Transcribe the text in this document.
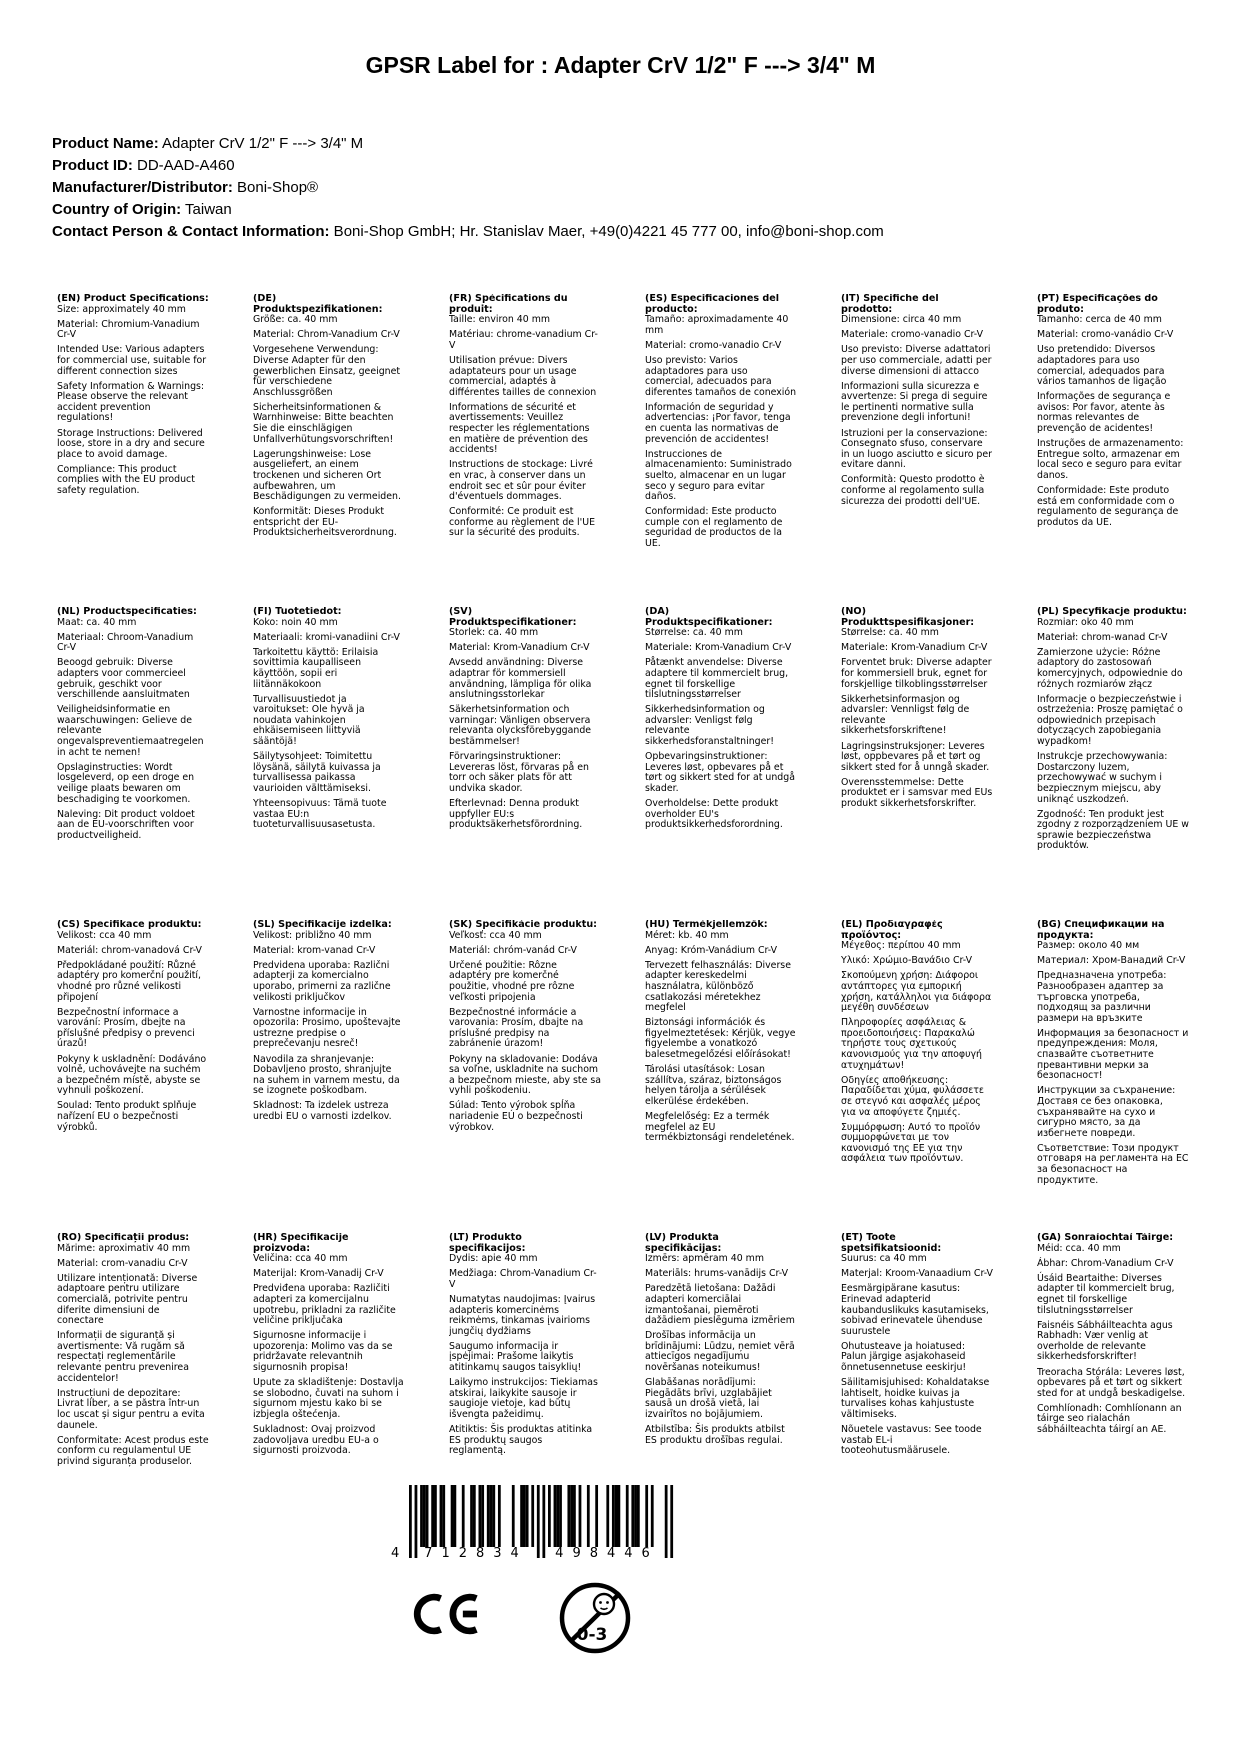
GPSR Label for : Adapter CrV 1/2" F ---> 3/4" M
Product Name: Adapter CrV 1/2" F ---> 3/4" M
Product ID: DD-AAD-A460
Manufacturer/Distributor: Boni-Shop®
Country of Origin: Taiwan
Contact Person & Contact Information: Boni-Shop GmbH; Hr. Stanislav Maer, +49(0)4221 45 777 00, info@boni-shop.com
(EN) Product Specifications:

Size: approximately 40 mm

Material: Chromium-Vanadium Cr-V

Intended Use: Various adapters for commercial use, suitable for different connection sizes

Safety Information & Warnings: Please observe the relevant accident prevention regulations!

Storage Instructions: Delivered loose, store in a dry and secure place to avoid damage.

Compliance: This product complies with the EU product safety regulation.

(DE) Produktspezifikationen:

Größe: ca. 40 mm

Material: Chrom-Vanadium Cr-V

Vorgesehene Verwendung: Diverse Adapter für den gewerblichen Einsatz, geeignet für verschiedene Anschlussgrößen

Sicherheitsinformationen & Warnhinweise: Bitte beachten Sie die einschlägigen Unfallverhütungsvorschriften!

Lagerungshinweise: Lose ausgeliefert, an einem trockenen und sicheren Ort aufbewahren, um Beschädigungen zu vermeiden.

Konformität: Dieses Produkt entspricht der EU-Produktsicherheitsverordnung.

(FR) Spécifications du produit:

Taille: environ 40 mm

Matériau: chrome-vanadium Cr-V

Utilisation prévue: Divers adaptateurs pour un usage commercial, adaptés à différentes tailles de connexion

Informations de sécurité et avertissements: Veuillez respecter les réglementations en matière de prévention des accidents!

Instructions de stockage: Livré en vrac, à conserver dans un endroit sec et sûr pour éviter d'éventuels dommages.

Conformité: Ce produit est conforme au règlement de l'UE sur la sécurité des produits.

(ES) Especificaciones del producto:

Tamaño: aproximadamente 40 mm

Material: cromo-vanadio Cr-V

Uso previsto: Varios adaptadores para uso comercial, adecuados para diferentes tamaños de conexión

Información de seguridad y advertencias: ¡Por favor, tenga en cuenta las normativas de prevención de accidentes!

Instrucciones de almacenamiento: Suministrado suelto, almacenar en un lugar seco y seguro para evitar daños.

Conformidad: Este producto cumple con el reglamento de seguridad de productos de la UE.

(IT) Specifiche del prodotto:

Dimensione: circa 40 mm

Materiale: cromo-vanadio Cr-V

Uso previsto: Diverse adattatori per uso commerciale, adatti per diverse dimensioni di attacco

Informazioni sulla sicurezza e avvertenze: Si prega di seguire le pertinenti normative sulla prevenzione degli infortuni!

Istruzioni per la conservazione: Consegnato sfuso, conservare in un luogo asciutto e sicuro per evitare danni.

Conformità: Questo prodotto è conforme al regolamento sulla sicurezza dei prodotti dell'UE.

(PT) Especificações do produto:

Tamanho: cerca de 40 mm

Material: cromo-vanádio Cr-V

Uso pretendido: Diversos adaptadores para uso comercial, adequados para vários tamanhos de ligação

Informações de segurança e avisos: Por favor, atente às normas relevantes de prevenção de acidentes!

Instruções de armazenamento: Entregue solto, armazenar em local seco e seguro para evitar danos.

Conformidade: Este produto está em conformidade com o regulamento de segurança de produtos da UE.

(NL) Productspecificaties:

Maat: ca. 40 mm

Materiaal: Chroom-Vanadium Cr-V

Beoogd gebruik: Diverse adapters voor commercieel gebruik, geschikt voor verschillende aansluitmaten

Veiligheidsinformatie en waarschuwingen: Gelieve de relevante ongevalspreventiemaatregelen in acht te nemen!

Opslaginstructies: Wordt losgeleverd, op een droge en veilige plaats bewaren om beschadiging te voorkomen.

Naleving: Dit product voldoet aan de EU-voorschriften voor productveiligheid.

(FI) Tuotetiedot:

Koko: noin 40 mm

Materiaali: kromi-vanadiini Cr-V

Tarkoitettu käyttö: Erilaisia sovittimia kaupalliseen käyttöön, sopii eri liitännäkokoon

Turvallisuustiedot ja varoitukset: Ole hyvä ja noudata vahinkojen ehkäisemiseen liittyviä sääntöjä!

Säilytysohjeet: Toimitettu löysänä, säilytä kuivassa ja turvallisessa paikassa vaurioiden välttämiseksi.

Yhteensopivuus: Tämä tuote vastaa EU:n tuoteturvallisuusasetusta.

(SV) Produktspecifikationer:

Storlek: ca. 40 mm

Material: Krom-Vanadium Cr-V

Avsedd användning: Diverse adaptrar för kommersiell användning, lämpliga för olika anslutningsstorlekar

Säkerhetsinformation och varningar: Vänligen observera relevanta olycksförebyggande bestämmelser!

Förvaringsinstruktioner: Levereras löst, förvaras på en torr och säker plats för att undvika skador.

Efterlevnad: Denna produkt uppfyller EU:s produktsäkerhetsförordning.

(DA) Produktspecifikationer:

Størrelse: ca. 40 mm

Materiale: Krom-Vanadium Cr-V

Påtænkt anvendelse: Diverse adaptere til kommercielt brug, egnet til forskellige tilslutningsstørrelser

Sikkerhedsinformation og advarsler: Venligst følg relevante sikkerhedsforanstaltninger!

Opbevaringsinstruktioner: Leveres løst, opbevares på et tørt og sikkert sted for at undgå skader.

Overholdelse: Dette produkt overholder EU's produktsikkerhedsforordning.

(NO) Produkttspesifikasjoner:

Størrelse: ca. 40 mm

Materiale: Krom-Vanadium Cr-V

Forventet bruk: Diverse adapter for kommersiell bruk, egnet for forskjellige tilkoblingsstørrelser

Sikkerhetsinformasjon og advarsler: Vennligst følg de relevante sikkerhetsforskriftene!

Lagringsinstruksjoner: Leveres løst, oppbevares på et tørt og sikkert sted for å unngå skader.

Overensstemmelse: Dette produktet er i samsvar med EUs produkt sikkerhetsforskrifter.

(PL) Specyfikacje produktu:

Rozmiar: oko 40 mm

Materiał: chrom-wanad Cr-V

Zamierzone użycie: Różne adaptory do zastosowań komercyjnych, odpowiednie do różnych rozmiarów złącz

Informacje o bezpieczeństwie i ostrzeżenia: Proszę pamiętać o odpowiednich przepisach dotyczących zapobiegania wypadkom!

Instrukcje przechowywania: Dostarczony luzem, przechowywać w suchym i bezpiecznym miejscu, aby uniknąć uszkodzeń.

Zgodność: Ten produkt jest zgodny z rozporządzeniem UE w sprawie bezpieczeństwa produktów.

(CS) Specifikace produktu:

Velikost: cca 40 mm

Materiál: chrom-vanadová Cr-V

Předpokládané použití: Různé adaptéry pro komerční použití, vhodné pro různé velikosti připojení

Bezpečnostní informace a varování: Prosím, dbejte na příslušné předpisy o prevenci úrazů!

Pokyny k uskladnění: Dodáváno volně, uchovávejte na suchém a bezpečném místě, abyste se vyhnuli poškození.

Soulad: Tento produkt splňuje nařízení EU o bezpečnosti výrobků.

(SL) Specifikacije izdelka:

Velikost: približno 40 mm

Material: krom-vanad Cr-V

Predvidena uporaba: Različni adapterji za komercialno uporabo, primerni za različne velikosti priključkov

Varnostne informacije in opozorila: Prosimo, upoštevajte ustrezne predpise o preprečevanju nesreč!

Navodila za shranjevanje: Dobavljeno prosto, shranjujte na suhem in varnem mestu, da se izognete poškodbam.

Skladnost: Ta izdelek ustreza uredbi EU o varnosti izdelkov.

(SK) Špecifikácie produktu:

Veľkosť: cca 40 mm

Materiál: chróm-vanád Cr-V

Určené použitie: Rôzne adaptéry pre komerčné použitie, vhodné pre rôzne veľkosti pripojenia

Bezpečnostné informácie a varovania: Prosím, dbajte na príslušné predpisy na zabránenie úrazom!

Pokyny na skladovanie: Dodáva sa voľne, uskladnite na suchom a bezpečnom mieste, aby ste sa vyhli poškodeniu.

Súlad: Tento výrobok spĺňa nariadenie EÚ o bezpečnosti výrobkov.

(HU) Termékjellemzők:

Méret: kb. 40 mm

Anyag: Króm-Vanádium Cr-V

Tervezett felhasználás: Diverse adapter kereskedelmi használatra, különböző csatlakozási méretekhez megfelel

Biztonsági információk és figyelmeztetések: Kérjük, vegye figyelembe a vonatkozó balesetmegelőzési előírásokat!

Tárolási utasítások: Losan szállítva, száraz, biztonságos helyen tárolja a sérülések elkerülése érdekében.

Megfelelőség: Ez a termék megfelel az EU termékbiztonsági rendeletének.

(EL) Προδιαγραφές προϊόντος:

Μέγεθος: περίπου 40 mm

Υλικό: Χρώμιο-Βανάδιο Cr-V

Σκοπούμενη χρήση: Διάφοροι αντάπτορες για εμπορική χρήση, κατάλληλοι για διάφορα μεγέθη συνδέσεων

Πληροφορίες ασφάλειας & προειδοποιήσεις: Παρακαλώ τηρήστε τους σχετικούς κανονισμούς για την αποφυγή ατυχημάτων!

Οδηγίες αποθήκευσης: Παραδίδεται χύμα, φυλάσσετε σε στεγνό και ασφαλές μέρος για να αποφύγετε ζημιές.

Συμμόρφωση: Αυτό το προϊόν συμμορφώνεται με τον κανονισμό της ΕΕ για την ασφάλεια των προϊόντων.

(BG) Спецификации на продукта:

Размер: около 40 мм

Материал: Хром-Ванадий Cr-V

Предназначена употреба: Разнообразен адаптер за търговска употреба, подходящ за различни размери на връзките

Информация за безопасност и предупреждения: Моля, спазвайте съответните превантивни мерки за безопасност!

Инструкции за съхранение: Доставя се без опаковка, съхранявайте на сухо и сигурно място, за да избегнете повреди.

Съответствие: Този продукт отговаря на регламента на ЕС за безопасност на продуктите.

(RO) Specificații produs:

Mărime: aproximativ 40 mm

Material: crom-vanadiu Cr-V

Utilizare intenționată: Diverse adaptoare pentru utilizare comercială, potrivite pentru diferite dimensiuni de conectare

Informații de siguranță și avertismente: Vă rugăm să respectați reglementările relevante pentru prevenirea accidentelor!

Instrucțiuni de depozitare: Livrat liber, a se păstra într-un loc uscat și sigur pentru a evita daunele.

Conformitate: Acest produs este conform cu regulamentul UE privind siguranța produselor.

(HR) Specifikacije proizvoda:

Veličina: cca 40 mm

Materijal: Krom-Vanadij Cr-V

Predviđena uporaba: Različiti adapteri za komercijalnu upotrebu, prikladni za različite veličine priključaka

Sigurnosne informacije i upozorenja: Molimo vas da se pridržavate relevantnih sigurnosnih propisa!

Upute za skladištenje: Dostavlja se slobodno, čuvati na suhom i sigurnom mjestu kako bi se izbjegla oštećenja.

Sukladnost: Ovaj proizvod zadovoljava uredbu EU-a o sigurnosti proizvoda.

(LT) Produkto specifikacijos:

Dydis: apie 40 mm

Medžiaga: Chrom-Vanadium Cr-V

Numatytas naudojimas: Įvairus adapteris komercinėms reikmėms, tinkamas įvairioms jungčių dydžiams

Saugumo informacija ir įspėjimai: Prašome laikytis atitinkamų saugos taisyklių!

Laikymo instrukcijos: Tiekiamas atskirai, laikykite sausoje ir saugioje vietoje, kad būtų išvengta pažeidimų.

Atitiktis: Šis produktas atitinka ES produktų saugos reglamentą.

(LV) Produkta specifikācijas:

Izmērs: apmēram 40 mm

Materiāls: hrums-vanādijs Cr-V

Paredzētā lietošana: Dažādi adapteri komerciālai izmantošanai, piemēroti dažādiem pieslēguma izmēriem

Drošības informācija un brīdinājumi: Lūdzu, ņemiet vērā attiecīgos negadījumu novēršanas noteikumus!

Glabāšanas norādījumi: Piegādāts brīvi, uzglabājiet sausā un drošā vietā, lai izvairītos no bojājumiem.

Atbilstība: Šis produkts atbilst ES produktu drošības regulai.

(ET) Toote spetsifikatsioonid:

Suurus: ca 40 mm

Materjal: Kroom-Vanaadium Cr-V

Eesmärgipärane kasutus: Erinevad adapterid kaubanduslikuks kasutamiseks, sobivad erinevatele ühenduse suurustele

Ohutusteave ja hoiatused: Palun järgige asjakohaseid õnnetusennetuse eeskirju!

Säilitamisjuhised: Kohaldatakse lahtiselt, hoidke kuivas ja turvalises kohas kahjustuste vältimiseks.

Nõuetele vastavus: See toode vastab EL-i tooteohutusmäärusele.

(GA) Sonraíochtaí Táirge:

Méid: cca. 40 mm

Ábhar: Chrom-Vanadium Cr-V

Úsáid Beartaithe: Diverses adapter til kommercielt brug, egnet til forskellige tilslutningsstørrelser

Faisnéis Sábháilteachta agus Rabhadh: Vær venlig at overholde de relevante sikkerhedsforskrifter!

Treoracha Stórála: Leveres løst, opbevares på et tørt og sikkert sted for at undgå beskadigelse.

Comhlíonadh: Comhlíonann an táirge seo rialachán sábháilteachta táirgí an AE.

4	712834	498446
0-3
